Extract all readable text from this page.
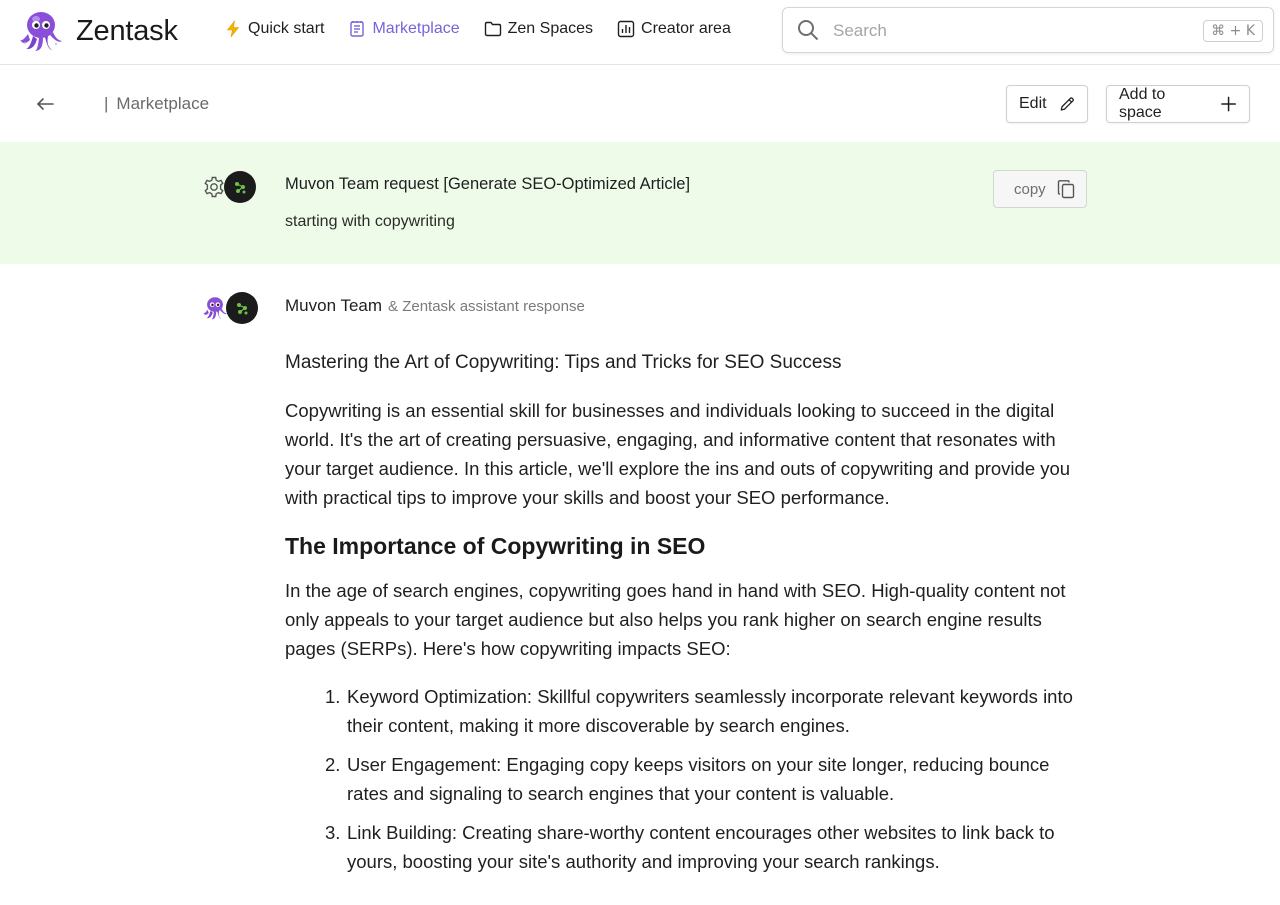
Zentask	Quick start	Marketplace	Zen Spaces	Creator area
Search	⌘ + K
| Marketplace	Edit
Add to space
Muvon Team request [Generate SEO-Optimized Article]
starting with copywriting
copy
Muvon Team & Zentask assistant response

Mastering the Art of Copywriting: Tips and Tricks for SEO Success

Copywriting is an essential skill for businesses and individuals looking to succeed in the digital world. It's the art of creating persuasive, engaging, and informative content that resonates with your target audience. In this article, we'll explore the ins and outs of copywriting and provide you with practical tips to improve your skills and boost your SEO performance.

The Importance of Copywriting in SEO

In the age of search engines, copywriting goes hand in hand with SEO. High-quality content not only appeals to your target audience but also helps you rank higher on search engine results pages (SERPs). Here's how copywriting impacts SEO:

1. Keyword Optimization: Skillful copywriters seamlessly incorporate relevant keywords into their content, making it more discoverable by search engines.
2. User Engagement: Engaging copy keeps visitors on your site longer, reducing bounce rates and signaling to search engines that your content is valuable.
3. Link Building: Creating share-worthy content encourages other websites to link back to yours, boosting your site's authority and improving your search rankings.
